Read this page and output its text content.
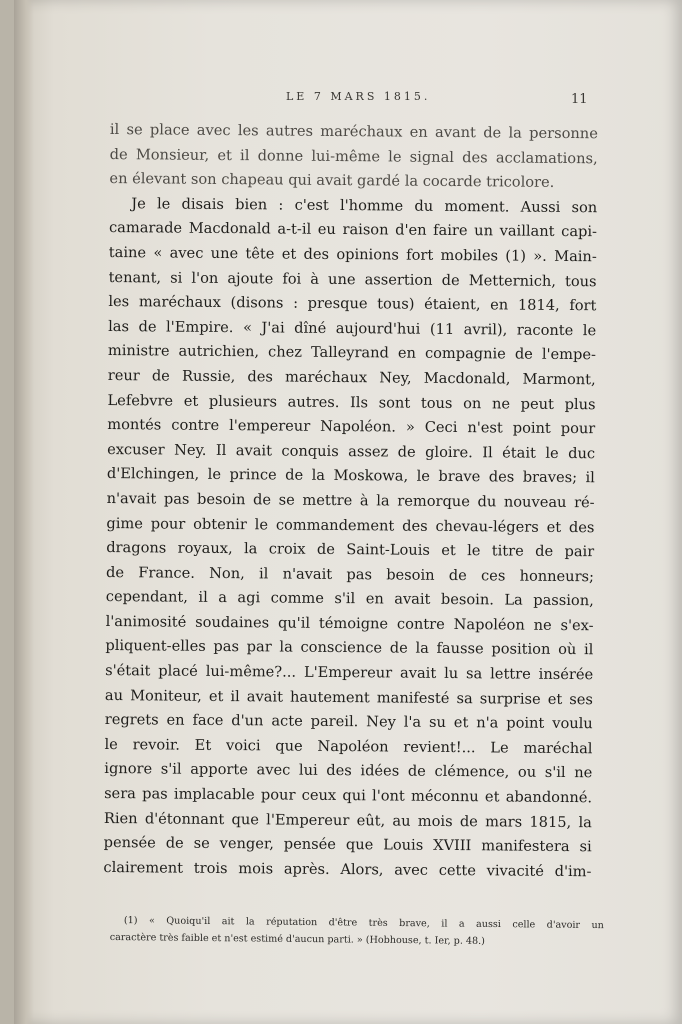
LE 7 MARS 1815.	11
il se place avec les autres maréchaux en avant de la personne
de Monsieur, et il donne lui-même le signal des acclamations,
en élevant son chapeau qui avait gardé la cocarde tricolore.
Je le disais bien : c'est l'homme du moment. Aussi son
camarade Macdonald a-t-il eu raison d'en faire un vaillant capi-
taine « avec une tête et des opinions fort mobiles (1) ». Main-
tenant, si l'on ajoute foi à une assertion de Metternich, tous
les maréchaux (disons : presque tous) étaient, en 1814, fort
las de l'Empire. « J'ai dîné aujourd'hui (11 avril), raconte le
ministre autrichien, chez Talleyrand en compagnie de l'empe-
reur de Russie, des maréchaux Ney, Macdonald, Marmont,
Lefebvre et plusieurs autres. Ils sont tous on ne peut plus
montés contre l'empereur Napoléon. » Ceci n'est point pour
excuser Ney. Il avait conquis assez de gloire. Il était le duc
d'Elchingen, le prince de la Moskowa, le brave des braves; il
n'avait pas besoin de se mettre à la remorque du nouveau ré-
gime pour obtenir le commandement des chevau-légers et des
dragons royaux, la croix de Saint-Louis et le titre de pair
de France. Non, il n'avait pas besoin de ces honneurs;
cependant, il a agi comme s'il en avait besoin. La passion,
l'animosité soudaines qu'il témoigne contre Napoléon ne s'ex-
pliquent-elles pas par la conscience de la fausse position où il
s'était placé lui-même?... L'Empereur avait lu sa lettre insérée
au Moniteur, et il avait hautement manifesté sa surprise et ses
regrets en face d'un acte pareil. Ney l'a su et n'a point voulu
le revoir. Et voici que Napoléon revient!... Le maréchal
ignore s'il apporte avec lui des idées de clémence, ou s'il ne
sera pas implacable pour ceux qui l'ont méconnu et abandonné.
Rien d'étonnant que l'Empereur eût, au mois de mars 1815, la
pensée de se venger, pensée que Louis XVIII manifestera si
clairement trois mois après. Alors, avec cette vivacité d'im-
(1) « Quoiqu'il ait la réputation d'être très brave, il a aussi celle d'avoir un
caractère très faible et n'est estimé d'aucun parti. » (Hobhouse, t. Ier, p. 48.)
